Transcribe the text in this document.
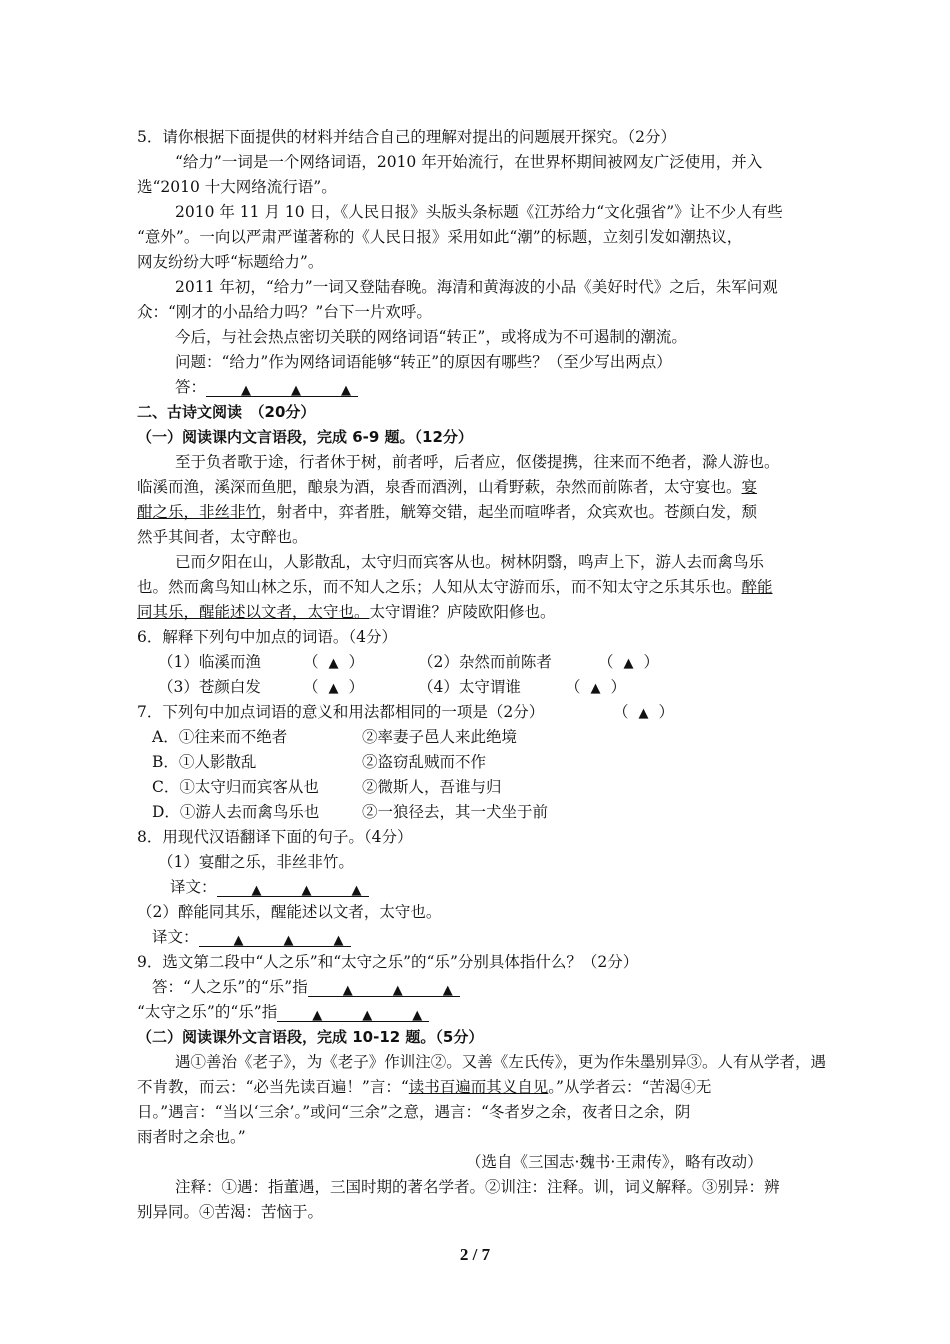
5．请你根据下面提供的材料并结合自己的理解对提出的问题展开探究。（2分）
“给力”一词是一个网络词语，2010 年开始流行，在世界杯期间被网友广泛使用，并入
选“2010 十大网络流行语”。
2010 年 11 月 10 日，《人民日报》头版头条标题《江苏给力“文化强省”》让不少人有些
“意外”。一向以严肃严谨著称的《人民日报》采用如此“潮”的标题，立刻引发如潮热议，
网友纷纷大呼“标题给力”。
2011 年初，“给力”一词又登陆春晚。海清和黄海波的小品《美好时代》之后，朱军问观
众：“刚才的小品给力吗？”台下一片欢呼。
今后，与社会热点密切关联的网络词语“转正”，或将成为不可遏制的潮流。
问题：“给力”作为网络词语能够“转正”的原因有哪些？（至少写出两点）
答：	▲	▲	▲
二、古诗文阅读　（20分）
（一）阅读课内文言语段，完成 6-9 题。（12分）
至于负者歌于途，行者休于树，前者呼，后者应，伛偻提携，往来而不绝者，滁人游也。
临溪而渔，溪深而鱼肥，酿泉为酒，泉香而酒洌，山肴野蔌，杂然而前陈者，太守宴也。宴
酣之乐，非丝非竹，射者中，弈者胜，觥筹交错，起坐而喧哗者，众宾欢也。苍颜白发，颓
然乎其间者，太守醉也。
已而夕阳在山，人影散乱，太守归而宾客从也。树林阴翳，鸣声上下，游人去而禽鸟乐
也。然而禽鸟知山林之乐，而不知人之乐；人知从太守游而乐，而不知太守之乐其乐也。醉能
同其乐，醒能述以文者，太守也。太守谓谁？庐陵欧阳修也。
6．解释下列句中加点的词语。（4分）
（1）临溪而渔	（ ▲ ）	（2）杂然而前陈者	（ ▲ ）
（3）苍颜白发	（ ▲ ）	（4）太守谓谁	（ ▲ ）
7．下列句中加点词语的意义和用法都相同的一项是（2分）	（ ▲ ）
A．①往来而不绝者	②率妻子邑人来此绝境
B．①人影散乱	②盗窃乱贼而不作
C．①太守归而宾客从也	②微斯人，吾谁与归
D．①游人去而禽鸟乐也	②一狼径去，其一犬坐于前
8．用现代汉语翻译下面的句子。（4分）
（1）宴酣之乐，非丝非竹。
译文：	▲	▲	▲
（2）醉能同其乐，醒能述以文者，太守也。
译文：	▲	▲	▲
9．选文第二段中“人之乐”和“太守之乐”的“乐”分别具体指什么？（2分）
答：“人之乐”的“乐”指	▲	▲	▲
“太守之乐”的“乐”指	▲	▲	▲
（二）阅读课外文言语段，完成 10-12 题。（5分）
遇①善治《老子》，为《老子》作训注②。又善《左氏传》，更为作朱墨别异③。人有从学者，遇
不肯教，而云：“必当先读百遍！”言：“读书百遍而其义自见。”从学者云：“苦渴④无
日。”遇言：“当以‘三余’。”或问“三余”之意，遇言：“冬者岁之余，夜者日之余，阴
雨者时之余也。”
（选自《三国志·魏书·王肃传》，略有改动）
注释：①遇：指董遇，三国时期的著名学者。②训注：注释。训，词义解释。③别异：辨
别异同。④苦渴：苦恼于。
2 / 7
